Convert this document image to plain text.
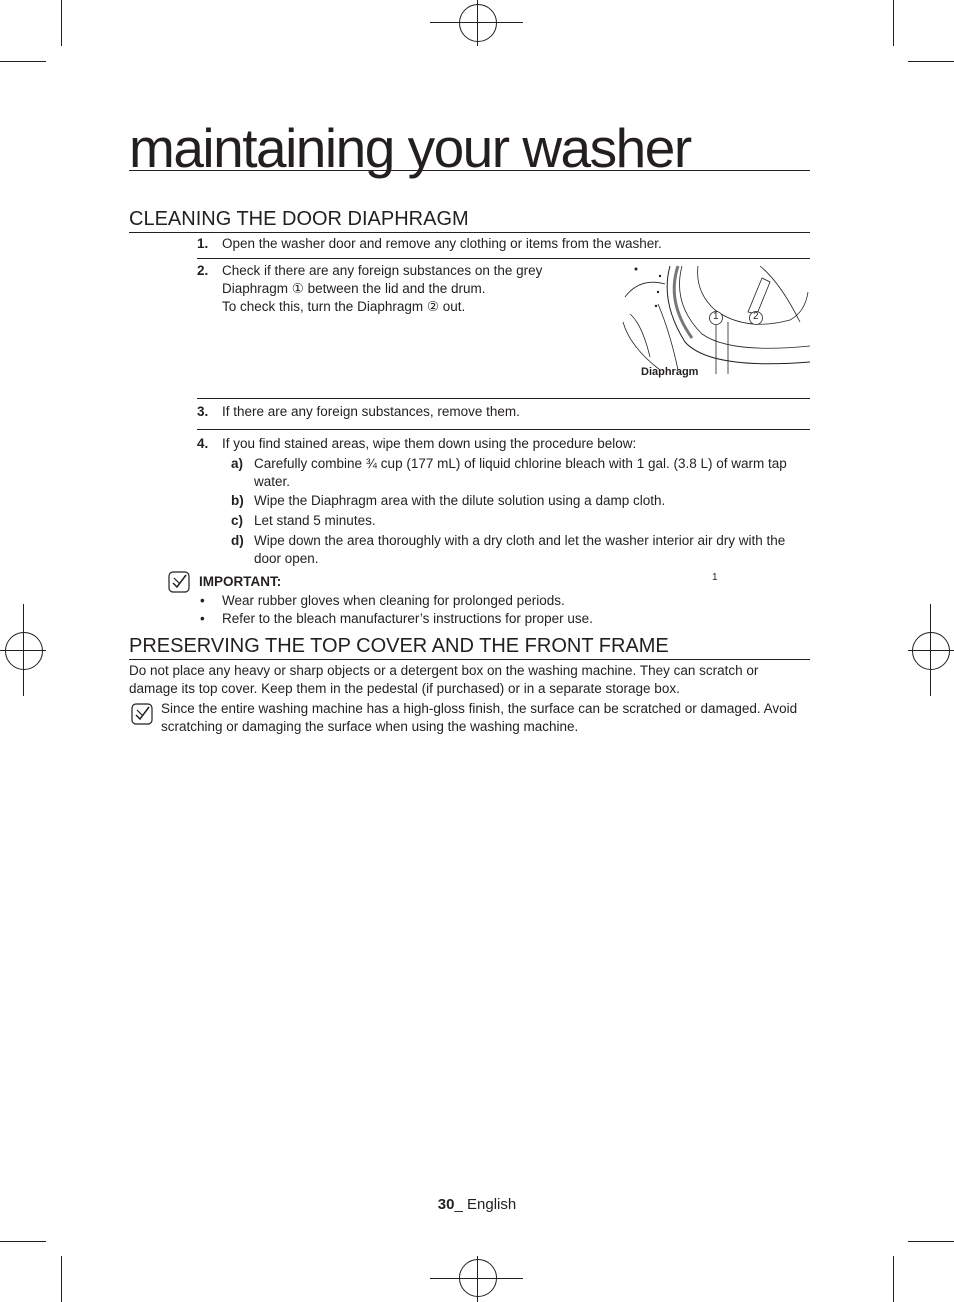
maintaining your washer
CLEANING THE DOOR DIAPHRAGM
1.	Open the washer door and remove any clothing or items from the washer.
2.	Check if there are any foreign substances on the grey
Diaphragm ① between the lid and the drum.
To check this, turn the Diaphragm ② out.
1
1	2
Diaphragm
3.	If there are any foreign substances, remove them.
4.	If you find stained areas, wipe them down using the procedure below:
a) Carefully combine ¾ cup (177 mL) of liquid chlorine bleach with 1 gal. (3.8 L) of warm tap water.
b) Wipe the Diaphragm area with the dilute solution using a damp cloth.
c) Let stand 5 minutes.
d) Wipe down the area thoroughly with a dry cloth and let the washer interior air dry with the door open.
IMPORTANT:
• Wear rubber gloves when cleaning for prolonged periods.
• Refer to the bleach manufacturer’s instructions for proper use.
PRESERVING THE TOP COVER AND THE FRONT FRAME
Do not place any heavy or sharp objects or a detergent box on the washing machine. They can scratch or damage its top cover. Keep them in the pedestal (if purchased) or in a separate storage box.
Since the entire washing machine has a high-gloss finish, the surface can be scratched or damaged. Avoid scratching or damaging the surface when using the washing machine.
30_ English
